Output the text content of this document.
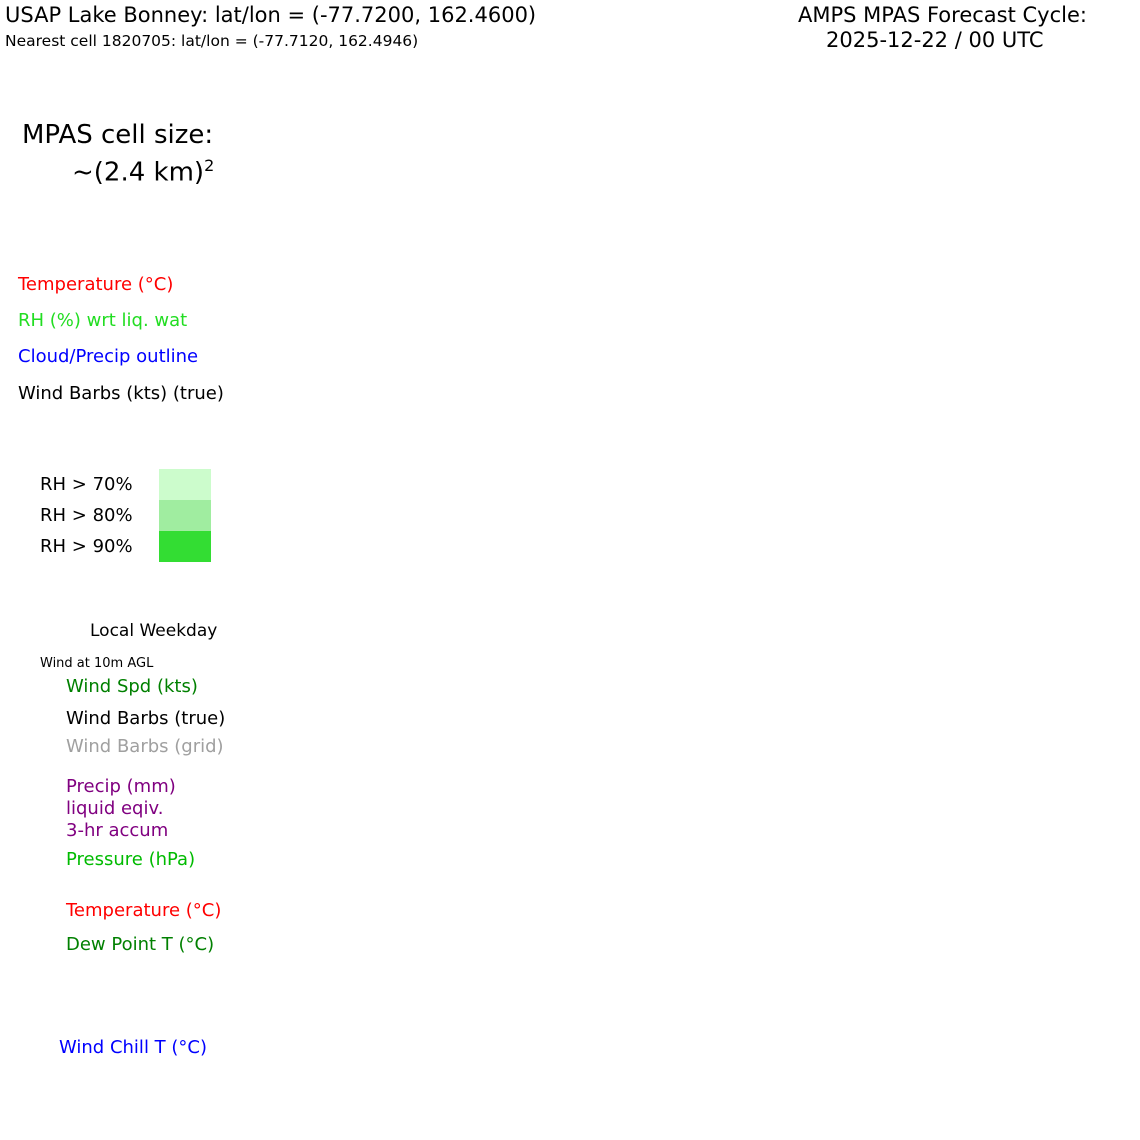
USAP Lake Bonney: lat/lon = (-77.7200, 162.4600)
Nearest cell 1820705: lat/lon = (-77.7120, 162.4946)
AMPS MPAS Forecast Cycle:
2025-12-22 / 00 UTC
MPAS cell size:
~(2.4 km)$^2$
Temperature (°C)
RH (%) wrt liq. wat
Cloud/Precip outline
Wind Barbs (kts) (true)
RH > 70%
RH > 80%
RH > 90%
Local Weekday
Wind at 10m AGL
Wind Spd (kts)
Wind Barbs (true)
Wind Barbs (grid)
Precip (mm)
liquid eqiv.
3-hr accum
Pressure (hPa)
Temperature (°C)
Dew Point T (°C)
Wind Chill T (°C)
